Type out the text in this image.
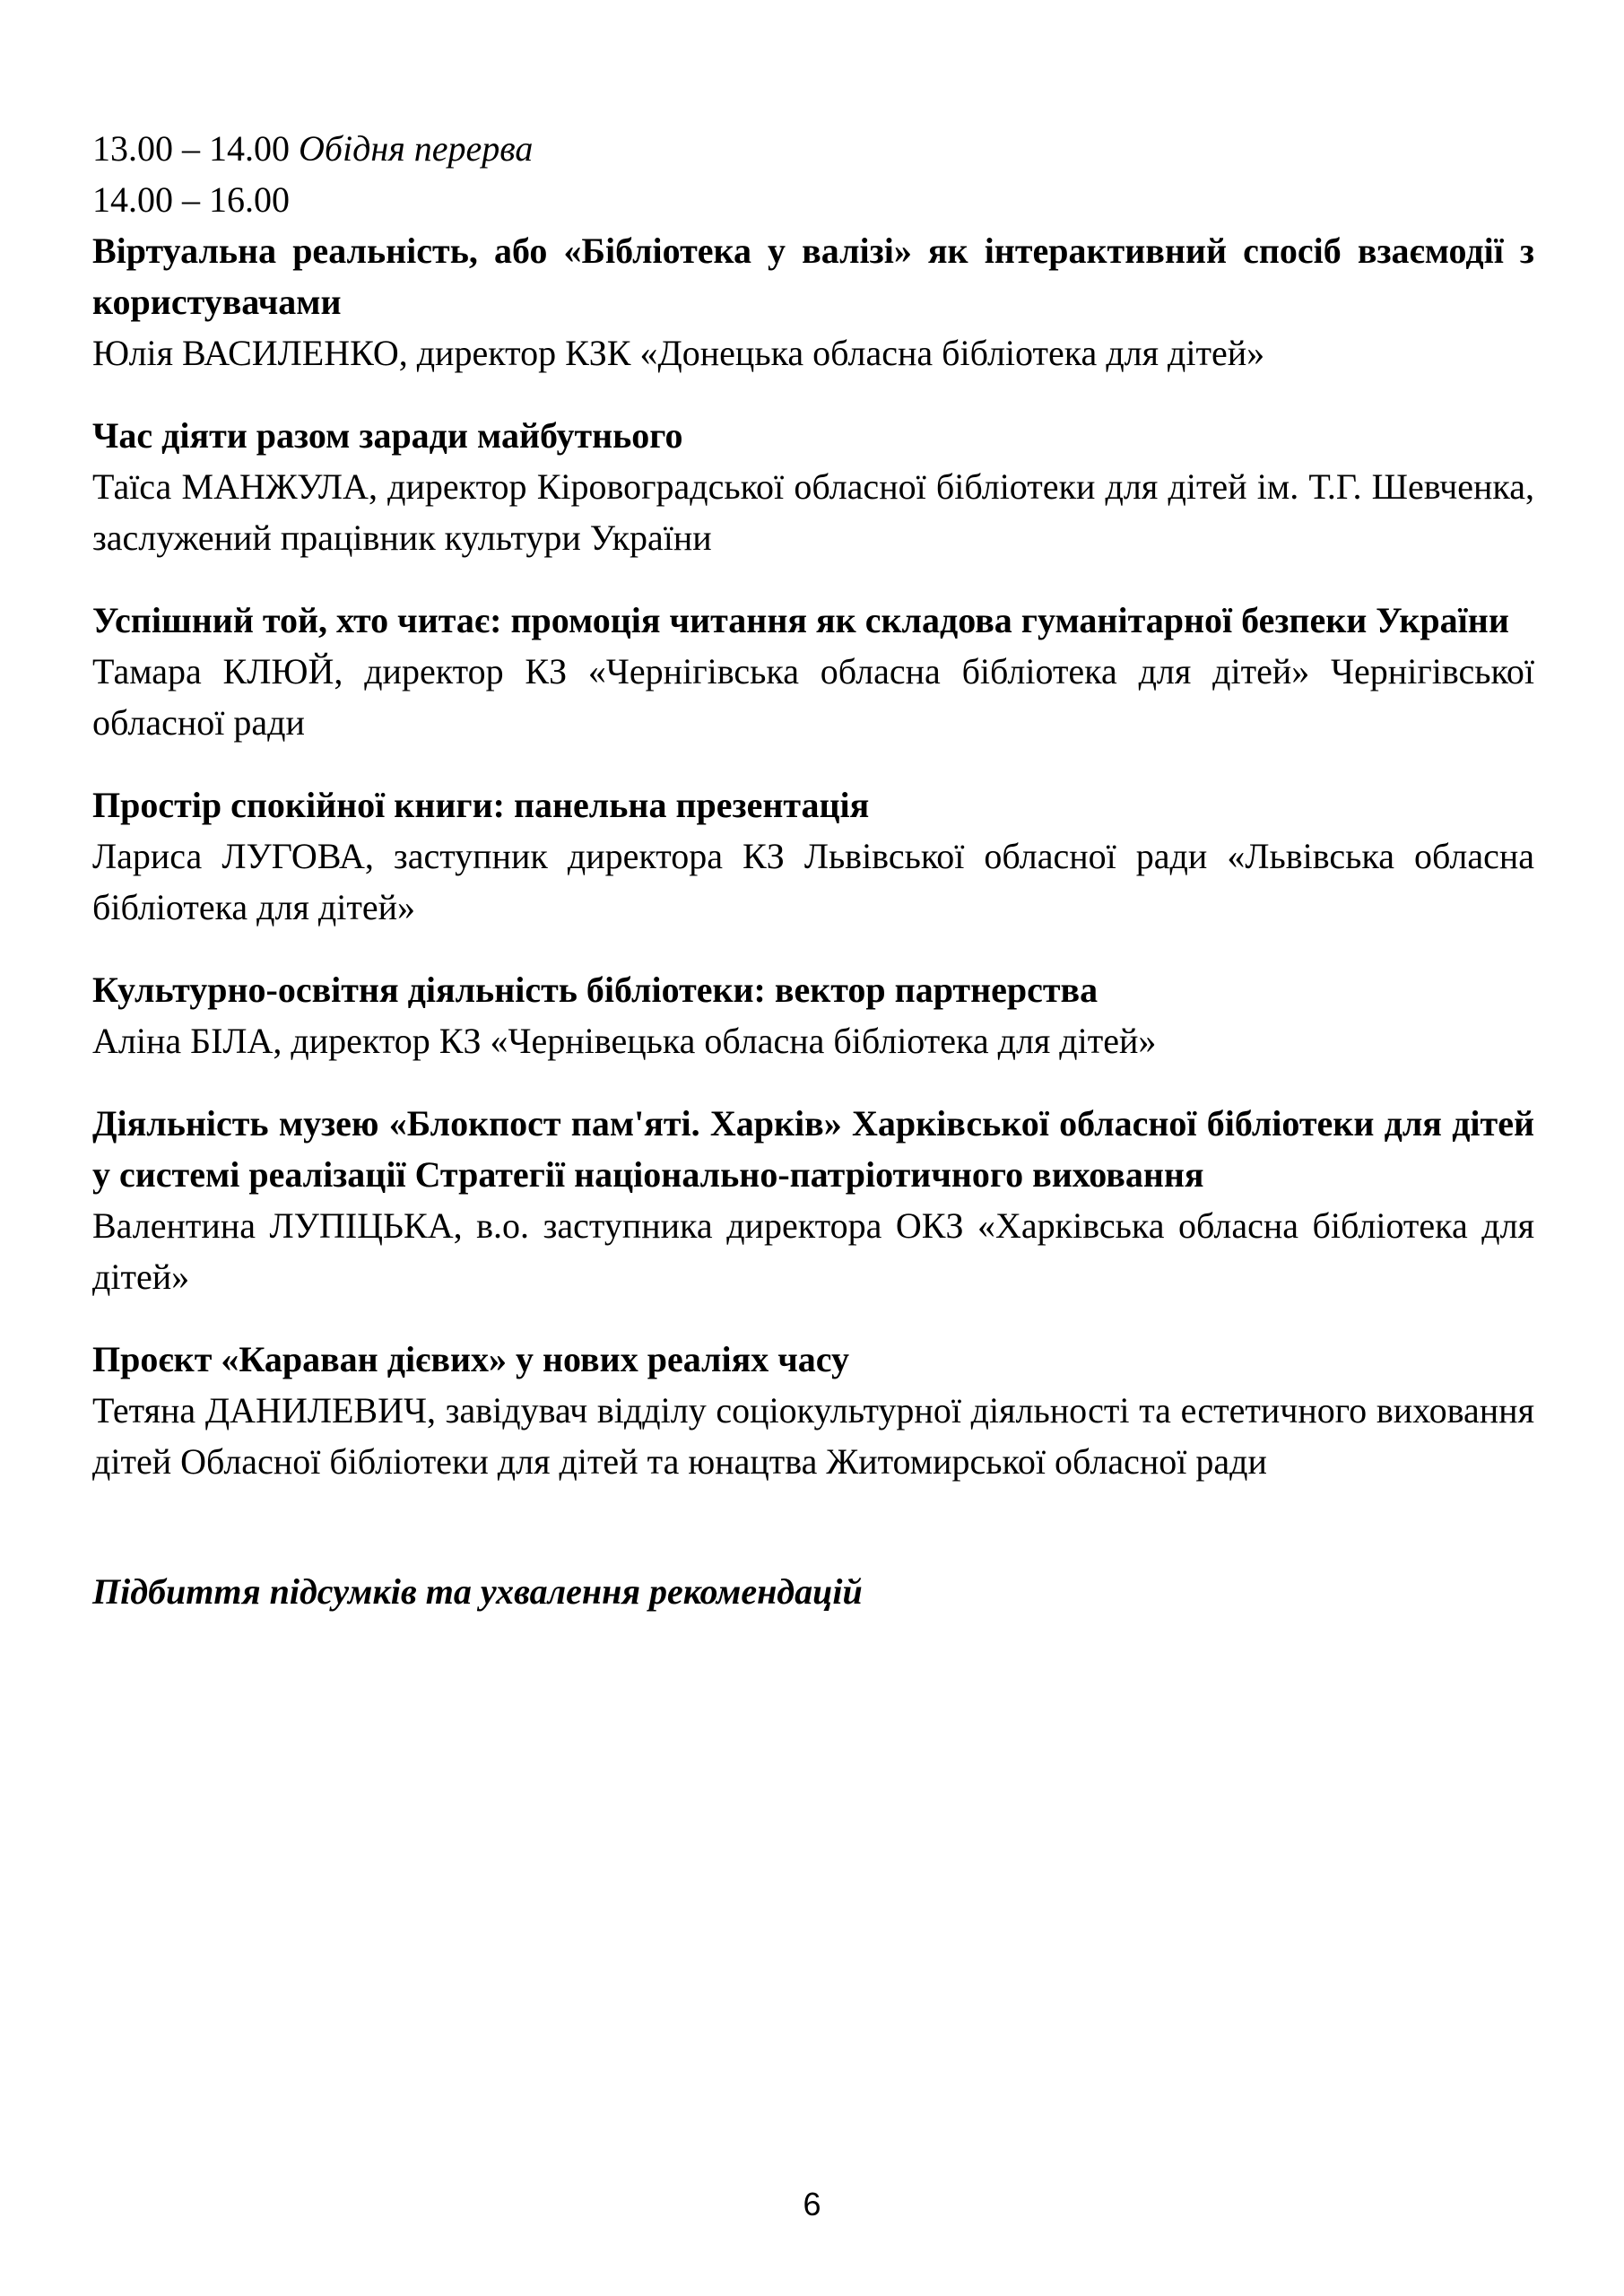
13.00 – 14.00 Обідня перерва

14.00 – 16.00

Віртуальна реальність, або «Бібліотека у валізі» як інтерактивний спосіб взаємодії з користувачами

Юлія ВАСИЛЕНКО, директор КЗК «Донецька обласна бібліотека для дітей»

Час діяти разом заради майбутнього

Таїса МАНЖУЛА, директор Кіровоградської обласної бібліотеки для дітей ім. Т.Г. Шевченка, заслужений працівник культури України

Успішний той, хто читає: промоція читання як складова гуманітарної безпеки України

Тамара КЛЮЙ, директор КЗ «Чернігівська обласна бібліотека для дітей» Чернігівської обласної ради

Простір спокійної книги: панельна презентація

Лариса ЛУГОВА, заступник директора КЗ Львівської обласної ради «Львівська обласна бібліотека для дітей»

Культурно-освітня діяльність бібліотеки: вектор партнерства

Аліна БІЛА, директор КЗ «Чернівецька обласна бібліотека для дітей»

Діяльність музею «Блокпост пам'яті. Харків» Харківської обласної бібліотеки для дітей у системі реалізації Стратегії національно-патріотичного виховання

Валентина ЛУПІЦЬКА, в.о. заступника директора ОКЗ «Харківська обласна бібліотека для дітей»

Проєкт «Караван дієвих» у нових реаліях часу

Тетяна ДАНИЛЕВИЧ, завідувач відділу соціокультурної діяльності та естетичного виховання дітей Обласної бібліотеки для дітей та юнацтва Житомирської обласної ради

Підбиття підсумків та ухвалення рекомендацій

6
